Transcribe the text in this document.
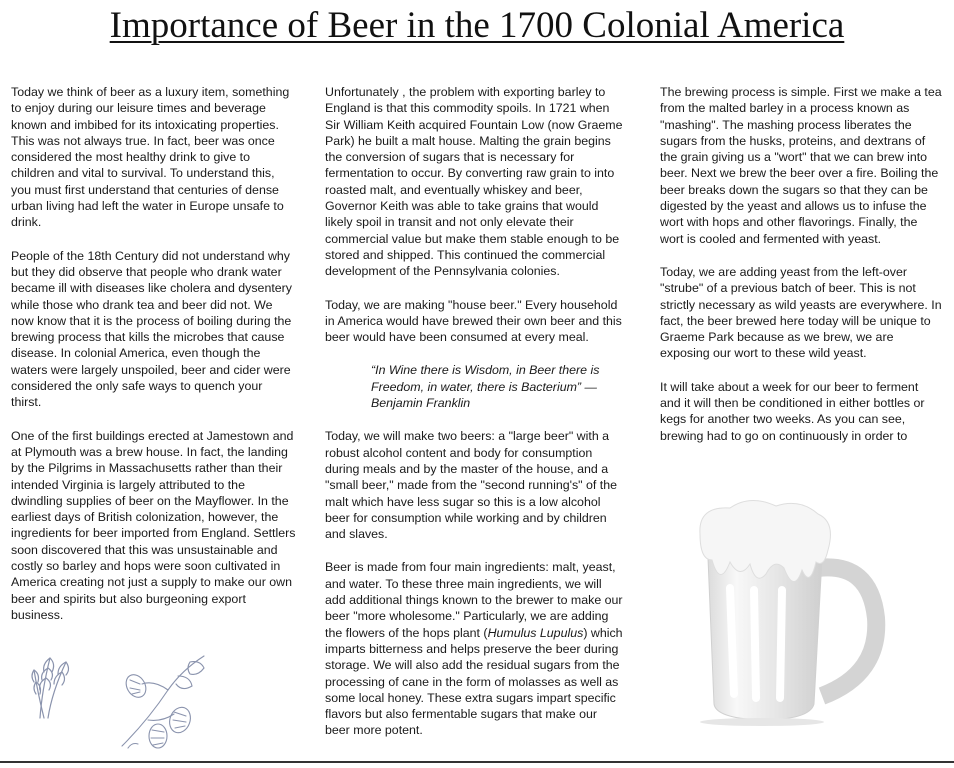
Importance of Beer in the 1700 Colonial America

Today we think of beer as a luxury item, something to enjoy during our leisure times and beverage known and imbibed for its intoxicating properties. This was not always true. In fact, beer was once considered the most healthy drink to give to children and vital to survival. To understand this, you must first understand that centuries of dense urban living had left the water in Europe unsafe to drink.

People of the 18th Century did not understand why but they did observe that people who drank water became ill with diseases like cholera and dysentery while those who drank tea and beer did not. We now know that it is the process of boiling during the brewing process that kills the microbes that cause disease. In colonial America, even though the waters were largely unspoiled, beer and cider were considered the only safe ways to quench your thirst.

One of the first buildings erected at Jamestown and at Plymouth was a brew house. In fact, the landing by the Pilgrims in Massachusetts rather than their intended Virginia is largely attributed to the dwindling supplies of beer on the Mayflower. In the earliest days of British colonization, however, the ingredients for beer imported from England. Settlers soon discovered that this was unsustainable and costly so barley and hops were soon cultivated in America creating not just a supply to make our own beer and spirits but also burgeoning export business.

Unfortunately , the problem with exporting barley to England is that this commodity spoils. In 1721 when Sir William Keith acquired Fountain Low (now Graeme Park) he built a malt house. Malting the grain begins the conversion of sugars that is necessary for fermentation to occur. By converting raw grain to into roasted malt, and eventually whiskey and beer, Governor Keith was able to take grains that would likely spoil in transit and not only elevate their commercial value but make them stable enough to be stored and shipped. This continued the commercial development of the Pennsylvania colonies.

Today, we are making "house beer." Every household in America would have brewed their own beer and this beer would have been consumed at every meal.

“In Wine there is Wisdom, in Beer there is Freedom, in water, there is Bacterium” — Benjamin Franklin

Today, we will make two beers: a "large beer" with a robust alcohol content and body for consumption during meals and by the master of the house, and a "small beer," made from the "second running's" of the malt which have less sugar so this is a low alcohol beer for consumption while working and by children and slaves.

Beer is made from four main ingredients: malt, yeast, and water. To these three main ingredients, we will add additional things known to the brewer to make our beer "more wholesome." Particularly, we are adding the flowers of the hops plant (Humulus Lupulus) which imparts bitterness and helps preserve the beer during storage. We will also add the residual sugars from the processing of cane in the form of molasses as well as some local honey. These extra sugars impart specific flavors but also fermentable sugars that make our beer more potent.

The brewing process is simple. First we make a tea from the malted barley in a process known as "mashing". The mashing process liberates the sugars from the husks, proteins, and dextrans of the grain giving us a "wort" that we can brew into beer. Next we brew the beer over a fire. Boiling the beer breaks down the sugars so that they can be digested by the yeast and allows us to infuse the wort with hops and other flavorings. Finally, the wort is cooled and fermented with yeast.

Today, we are adding yeast from the left-over "strube" of a previous batch of beer. This is not strictly necessary as wild yeasts are everywhere. In fact, the beer brewed here today will be unique to Graeme Park because as we brew, we are exposing our wort to these wild yeast.

It will take about a week for our beer to ferment and it will then be conditioned in either bottles or kegs for another two weeks. As you can see, brewing had to go on continuously in order to
